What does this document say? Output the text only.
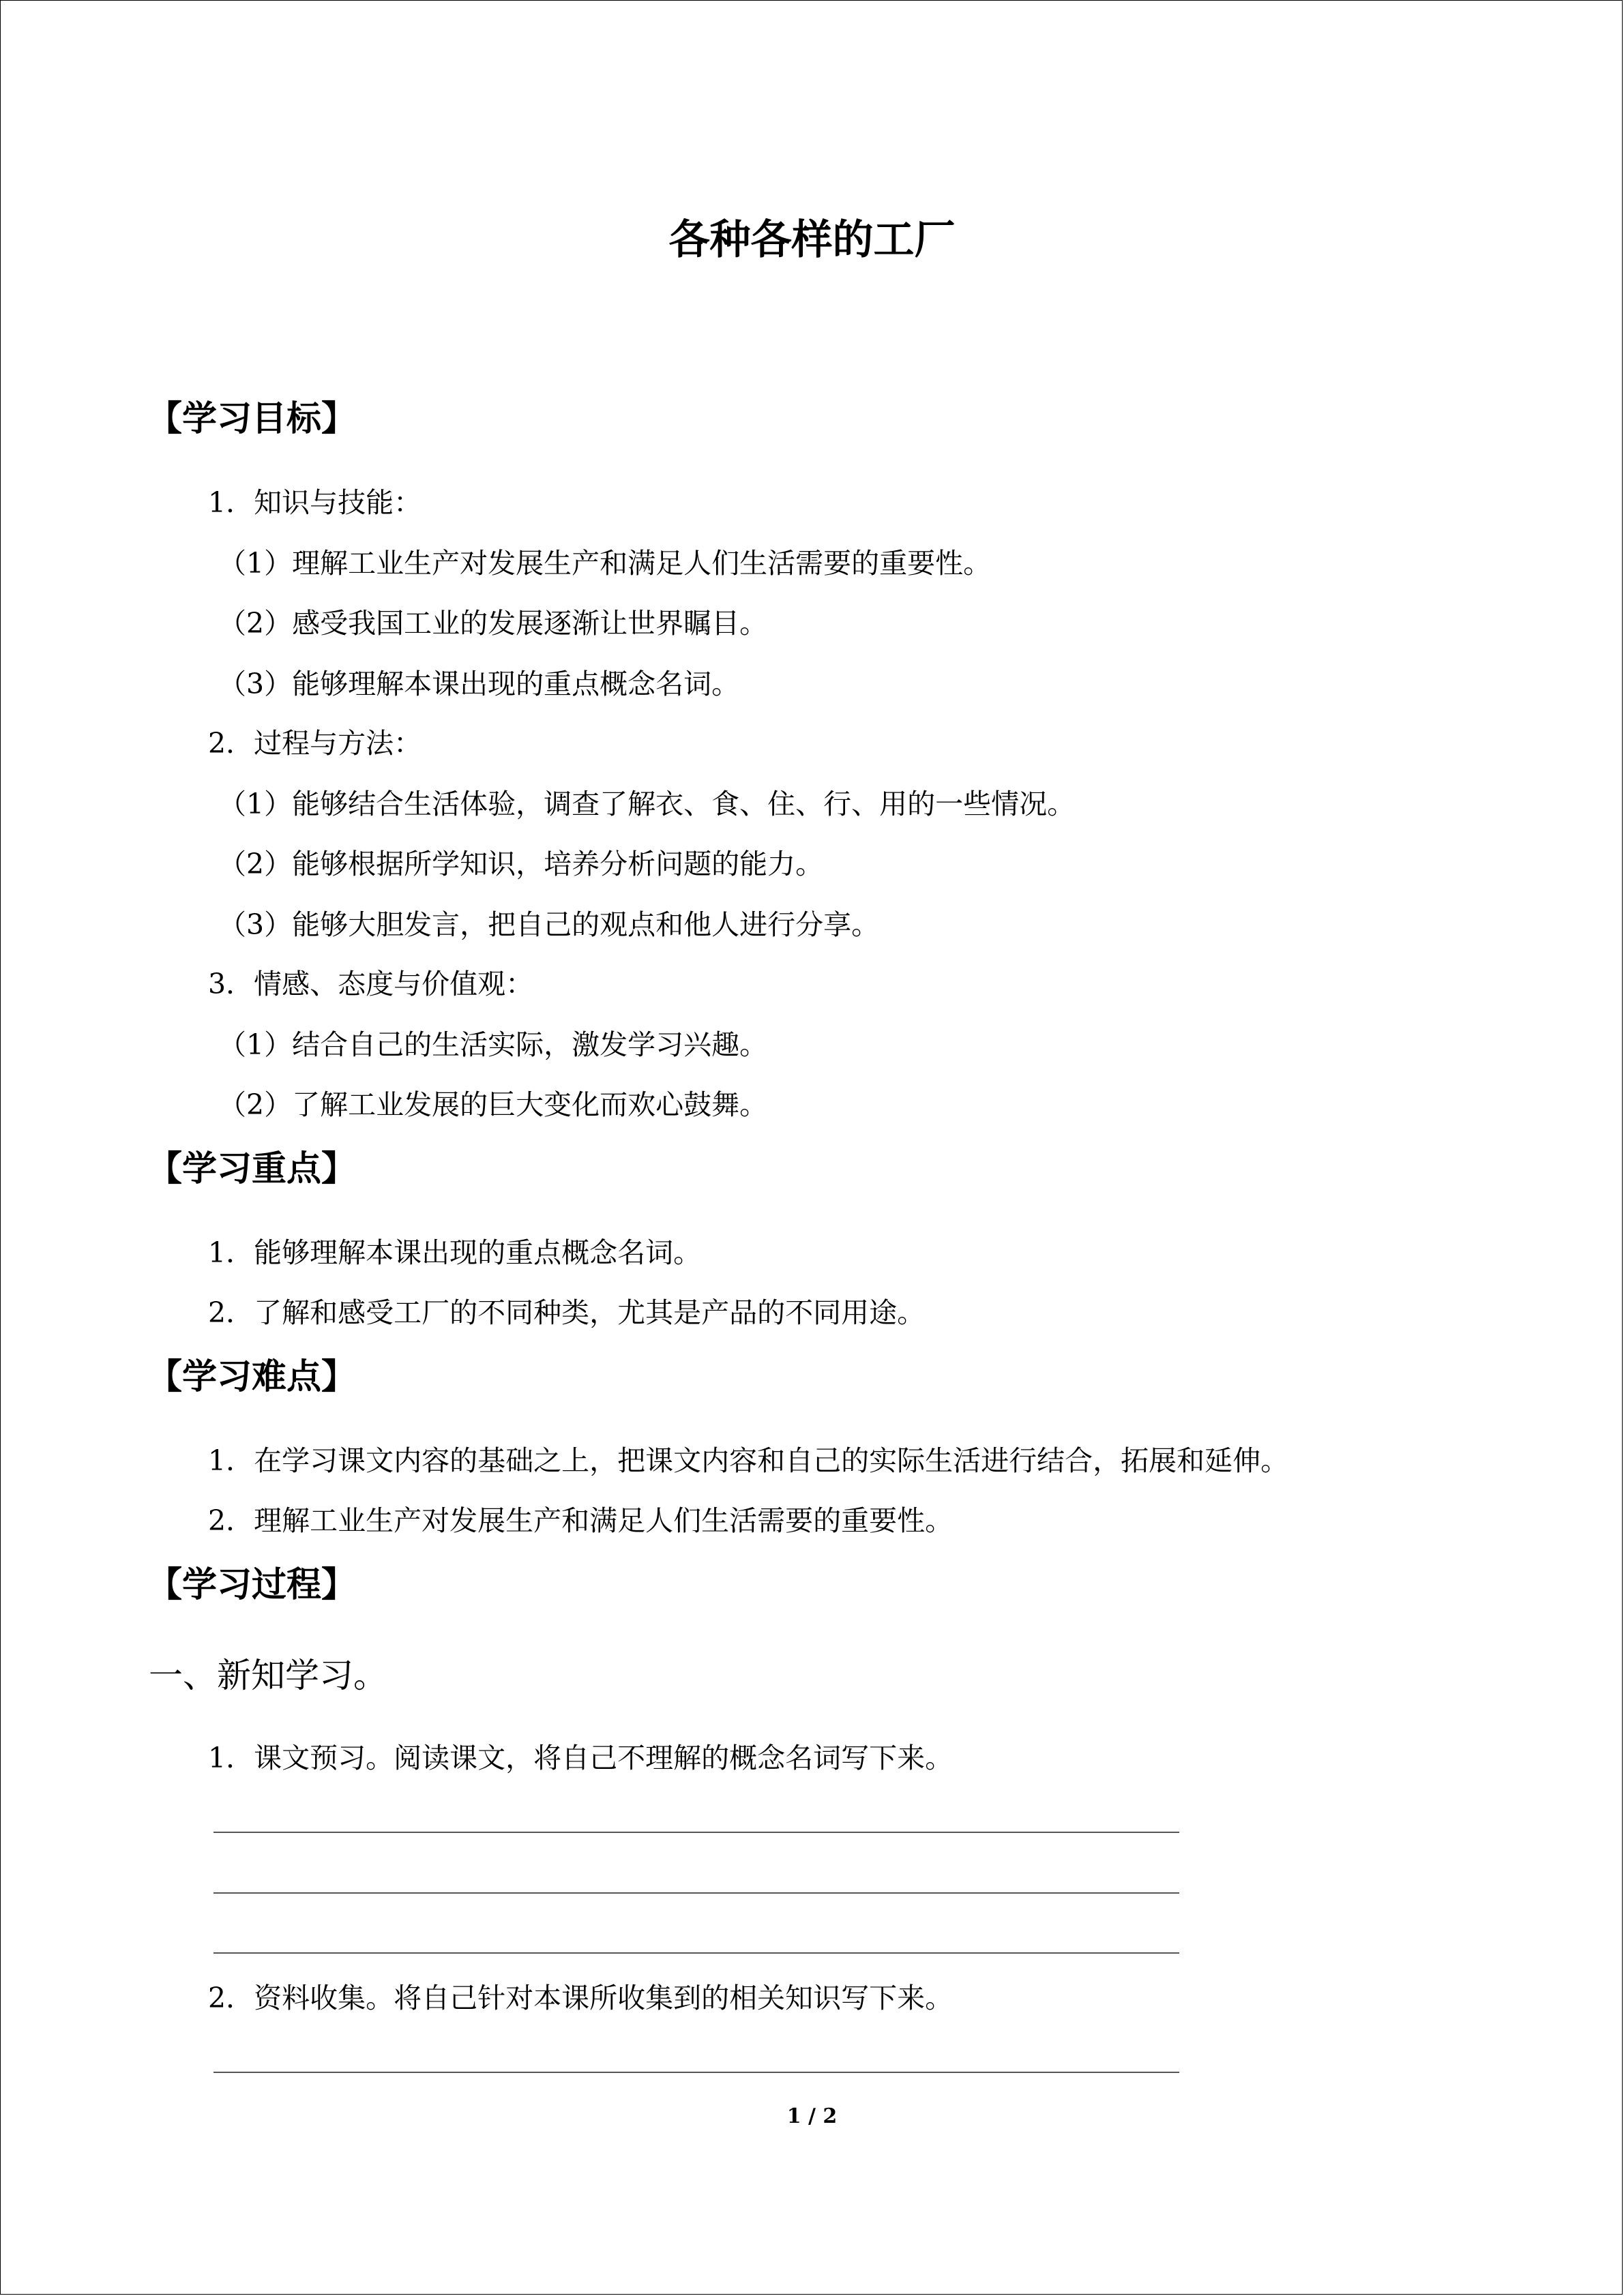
各种各样的工厂
【学习目标】
1．知识与技能：
（1）理解工业生产对发展生产和满足人们生活需要的重要性。
（2）感受我国工业的发展逐渐让世界瞩目。
（3）能够理解本课出现的重点概念名词。
2．过程与方法：
（1）能够结合生活体验，调查了解衣、食、住、行、用的一些情况。
（2）能够根据所学知识，培养分析问题的能力。
（3）能够大胆发言，把自己的观点和他人进行分享。
3．情感、态度与价值观：
（1）结合自己的生活实际，激发学习兴趣。
（2）了解工业发展的巨大变化而欢心鼓舞。
【学习重点】
1．能够理解本课出现的重点概念名词。
2．了解和感受工厂的不同种类，尤其是产品的不同用途。
【学习难点】
1．在学习课文内容的基础之上，把课文内容和自己的实际生活进行结合，拓展和延伸。
2．理解工业生产对发展生产和满足人们生活需要的重要性。
【学习过程】
一、新知学习。
1．课文预习。阅读课文，将自己不理解的概念名词写下来。
2．资料收集。将自己针对本课所收集到的相关知识写下来。
1 / 2
